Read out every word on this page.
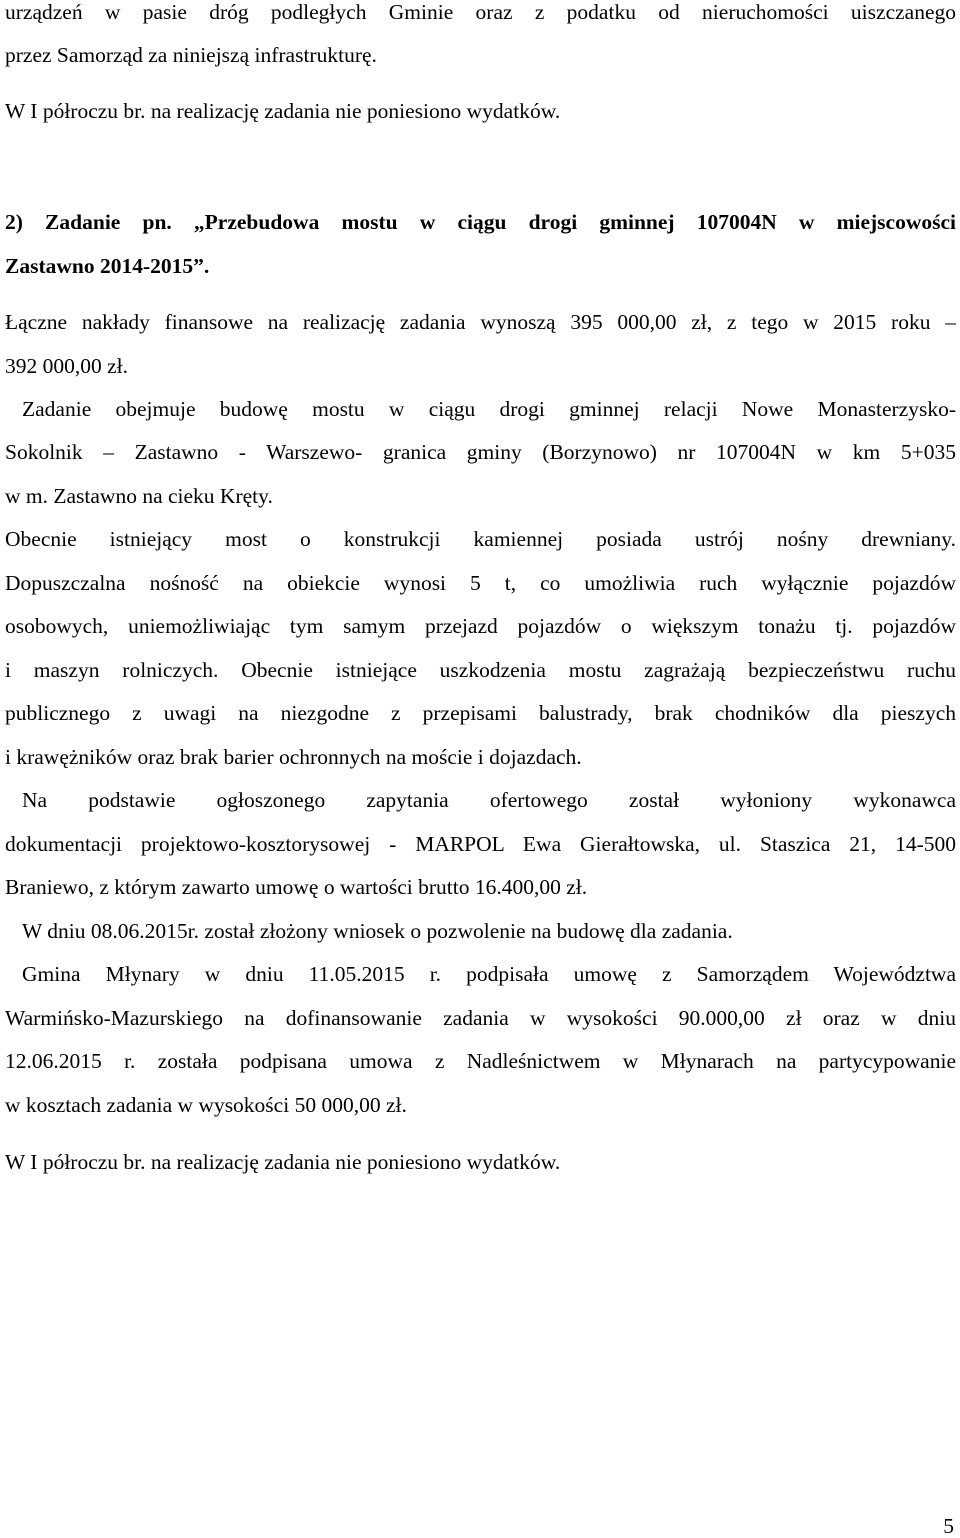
urządzeń w pasie dróg podległych Gminie oraz z podatku od nieruchomości uiszczanego
przez Samorząd za niniejszą infrastrukturę.
W I półroczu br. na realizację zadania nie poniesiono wydatków.
2) Zadanie pn. „Przebudowa mostu w ciągu drogi gminnej 107004N w miejscowości
Zastawno 2014-2015”.
Łączne nakłady finansowe na realizację zadania wynoszą 395 000,00 zł, z tego w 2015 roku –
392 000,00 zł.
Zadanie obejmuje budowę mostu w ciągu drogi gminnej relacji Nowe Monasterzysko-
Sokolnik – Zastawno - Warszewo- granica gminy (Borzynowo) nr 107004N w km 5+035
w m. Zastawno na cieku Kręty.
Obecnie istniejący most o konstrukcji kamiennej posiada ustrój nośny drewniany.
Dopuszczalna nośność na obiekcie wynosi 5 t, co umożliwia ruch wyłącznie pojazdów
osobowych, uniemożliwiając tym samym przejazd pojazdów o większym tonażu tj. pojazdów
i maszyn rolniczych. Obecnie istniejące uszkodzenia mostu zagrażają bezpieczeństwu ruchu
publicznego z uwagi na niezgodne z przepisami balustrady, brak chodników dla pieszych
i krawężników oraz brak barier ochronnych na moście i dojazdach.
Na podstawie ogłoszonego zapytania ofertowego został wyłoniony wykonawca
dokumentacji projektowo-kosztorysowej - MARPOL Ewa Gierałtowska, ul. Staszica 21, 14-500
Braniewo, z którym zawarto umowę o wartości brutto 16.400,00 zł.
W dniu 08.06.2015r. został złożony wniosek o pozwolenie na budowę dla zadania.
Gmina Młynary w dniu 11.05.2015 r. podpisała umowę z Samorządem Województwa
Warmińsko-Mazurskiego na dofinansowanie zadania w wysokości 90.000,00 zł oraz w dniu
12.06.2015 r. została podpisana umowa z Nadleśnictwem w Młynarach na partycypowanie
w kosztach zadania w wysokości 50 000,00 zł.
W I półroczu br. na realizację zadania nie poniesiono wydatków.
5
